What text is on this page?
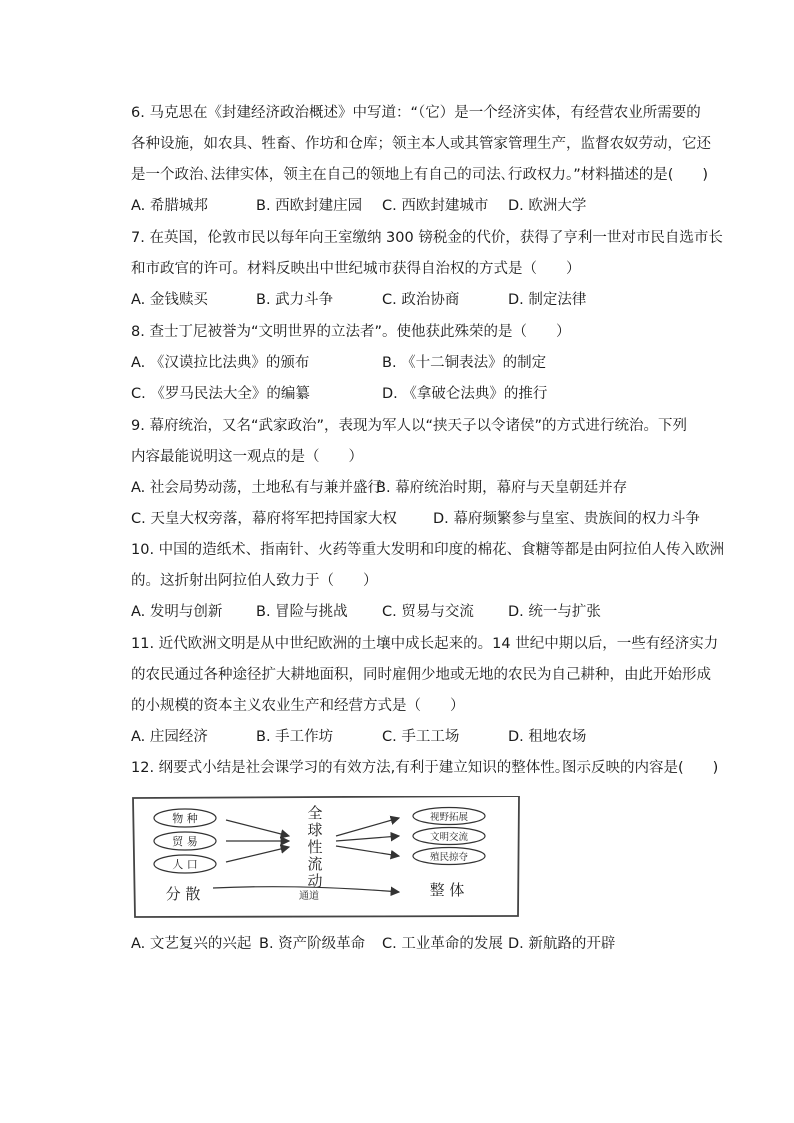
6. 马克思在《封建经济政治概述》中写道：“（它）是一个经济实体，有经营农业所需要的
各种设施，如农具、牲畜、作坊和仓库；领主本人或其管家管理生产，监督农奴劳动，它还
是一个政治､法律实体，领主在自己的领地上有自己的司法､行政权力。”材料描述的是(　　)
A. 希腊城邦	B. 西欧封建庄园 C. 西欧封建城市 D. 欧洲大学
7. 在英国，伦敦市民以每年向王室缴纳 300 镑税金的代价，获得了亨利一世对市民自选市长
和市政官的许可。材料反映出中世纪城市获得自治权的方式是（　　）
A. 金钱赎买	B. 武力斗争	C. 政治协商	D. 制定法律
8. 查士丁尼被誉为“文明世界的立法者”。使他获此殊荣的是（　　）
A. 《汉谟拉比法典》的颁布	B. 《十二铜表法》的制定
C. 《罗马民法大全》的编纂	D. 《拿破仑法典》的推行
9. 幕府统治，又名“武家政治”，表现为军人以“挟天子以令诸侯”的方式进行统治。下列
内容最能说明这一观点的是（　　）
A. 社会局势动荡，土地私有与兼并盛行
B. 幕府统治时期，幕府与天皇朝廷并存
C. 天皇大权旁落，幕府将军把持国家大权 D. 幕府频繁参与皇室、贵族间的权力斗争
10. 中国的造纸术、指南针、火药等重大发明和印度的棉花、食糖等都是由阿拉伯人传入欧洲
的。这折射出阿拉伯人致力于（　　）
A. 发明与创新 B. 冒险与挑战 C. 贸易与交流 D. 统一与扩张
11. 近代欧洲文明是从中世纪欧洲的土壤中成长起来的。14 世纪中期以后，一些有经济实力
的农民通过各种途径扩大耕地面积，同时雇佣少地或无地的农民为自己耕种，由此开始形成
的小规模的资本主义农业生产和经营方式是（　　）
A. 庄园经济	B. 手工作坊	C. 手工工场	D. 租地农场
12. 纲要式小结是社会课学习的有效方法,有利于建立知识的整体性｡图示反映的内容是(　　)
物 种
贸 易
人 口
全
球
性
流
动
视野拓展
文明交流
殖民掠夺
分 散	通道	整 体
A. 文艺复兴的兴起 B. 资产阶级革命 C. 工业革命的发展 D. 新航路的开辟
